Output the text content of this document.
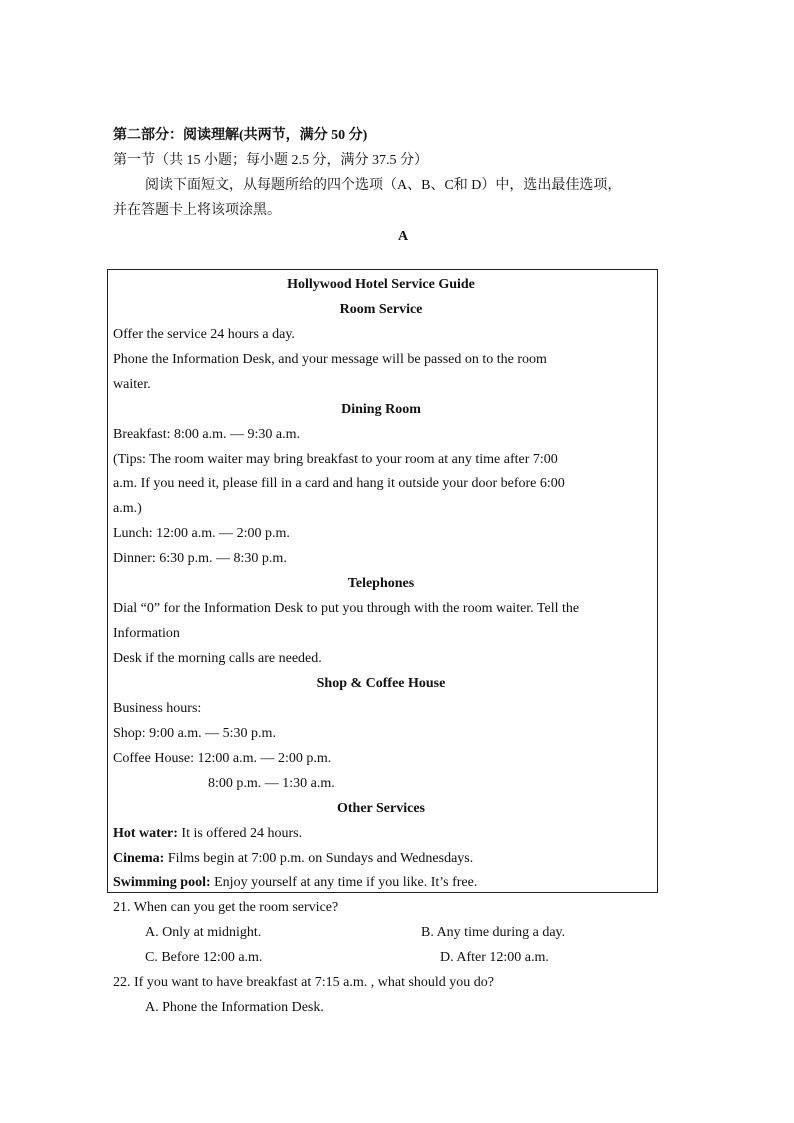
第二部分：阅读理解(共两节，满分 50 分)
第一节（共 15 小题；每小题 2.5 分，满分 37.5 分）
阅读下面短文，从每题所给的四个选项（A、B、C和 D）中，选出最佳选项，
并在答题卡上将该项涂黑。
A
Hollywood Hotel Service Guide
Room Service
Offer the service 24 hours a day.
Phone the Information Desk, and your message will be passed on to the room
waiter.
Dining Room
Breakfast: 8:00 a.m. — 9:30 a.m.
(Tips: The room waiter may bring breakfast to your room at any time after 7:00
a.m. If you need it, please fill in a card and hang it outside your door before 6:00
a.m.)
Lunch: 12:00 a.m. — 2:00 p.m.
Dinner: 6:30 p.m. — 8:30 p.m.
Telephones
Dial “0” for the Information Desk to put you through with the room waiter. Tell the
Information
Desk if the morning calls are needed.
Shop & Coffee House
Business hours:
Shop: 9:00 a.m. — 5:30 p.m.
Coffee House: 12:00 a.m. — 2:00 p.m.
8:00 p.m. — 1:30 a.m.
Other Services
Hot water: It is offered 24 hours.
Cinema: Films begin at 7:00 p.m. on Sundays and Wednesdays.
Swimming pool: Enjoy yourself at any time if you like. It’s free.
21. When can you get the room service?
A. Only at midnight.	B. Any time during a day.
C. Before 12:00 a.m.	D. After 12:00 a.m.
22. If you want to have breakfast at 7:15 a.m. , what should you do?
A. Phone the Information Desk.
